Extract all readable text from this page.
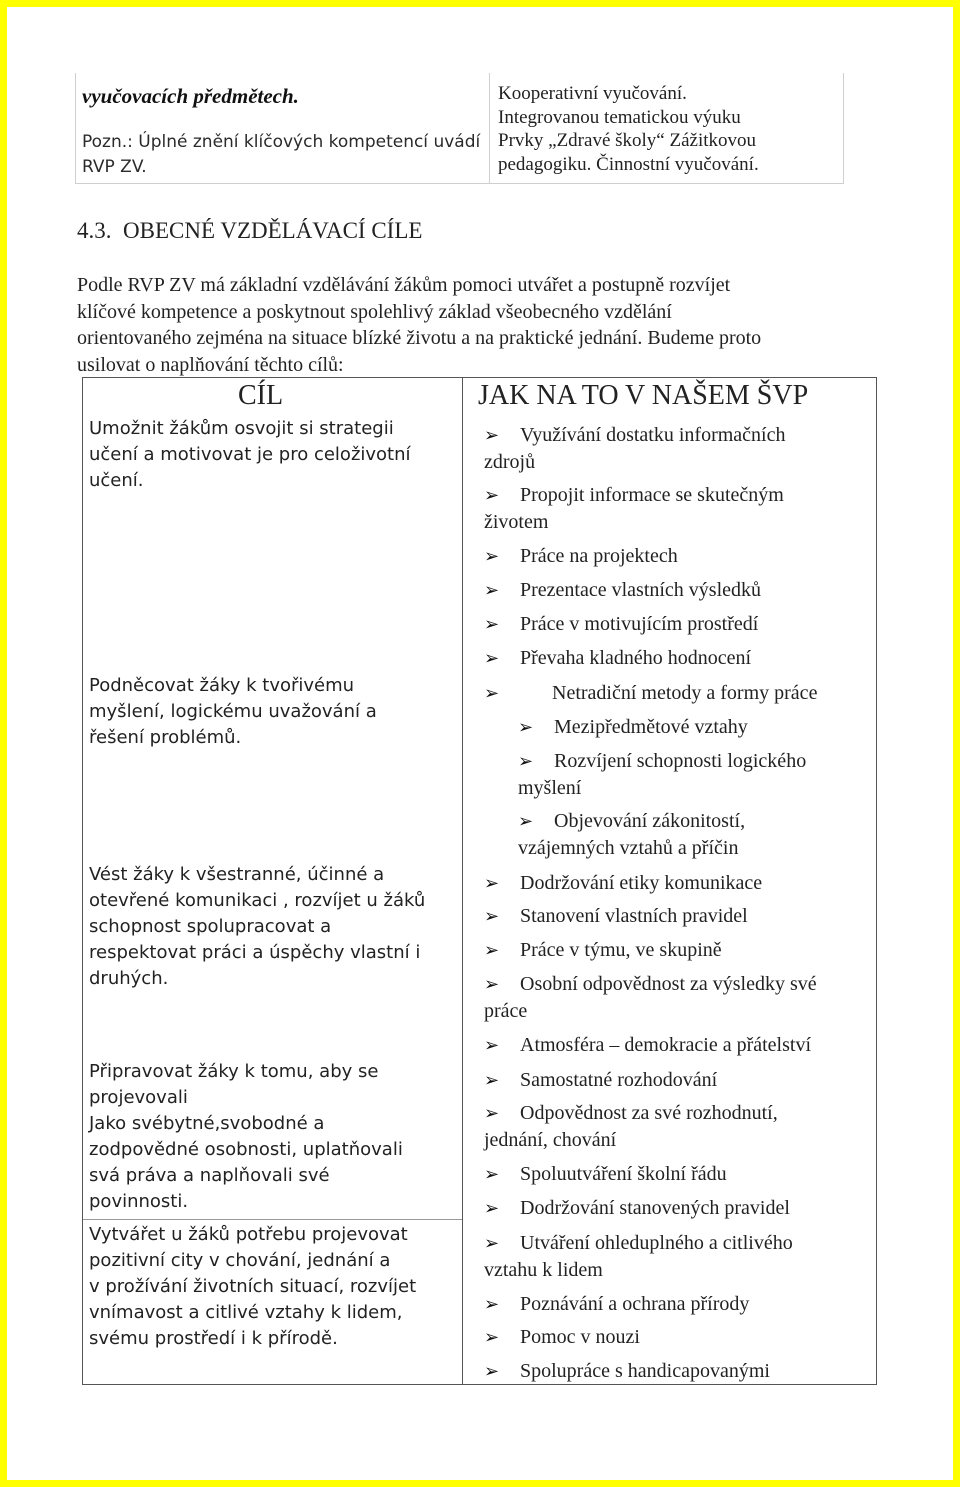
vyučovacích předmětech.
Pozn.: Úplné znění klíčových kompetencí uvádí
RVP ZV.
Kooperativní vyučování.
Integrovanou tematickou výuku
Prvky „Zdravé školy“ Zážitkovou
pedagogiku. Činnostní vyučování.
4.3.  OBECNÉ VZDĚLÁVACÍ CÍLE
Podle RVP ZV má základní vzdělávání žákům pomoci utvářet a postupně rozvíjet
klíčové kompetence a poskytnout spolehlivý základ všeobecného vzdělání
orientovaného zejména na situace blízké životu a na praktické jednání. Budeme proto
usilovat o naplňování těchto cílů:
CÍL	JAK NA TO V NAŠEM ŠVP
Umožnit žákům osvojit si strategii
učení a motivovat je pro celoživotní
učení.
Podněcovat žáky k tvořivému
myšlení, logickému uvažování a
řešení problémů.
Vést žáky k všestranné, účinné a
otevřené komunikaci , rozvíjet u žáků
schopnost spolupracovat a
respektovat práci a úspěchy vlastní i
druhých.
Připravovat žáky k tomu, aby se
projevovali
Jako svébytné,svobodné a
zodpovědné osobnosti, uplatňovali
svá práva a naplňovali své
povinnosti.
Vytvářet u žáků potřebu projevovat
pozitivní city v chování, jednání a
v prožívání životních situací, rozvíjet
vnímavost a citlivé vztahy k lidem,
svému prostředí i k přírodě.
➢ Využívání dostatku informačních
zdrojů
➢ Propojit informace se skutečným
životem
➢ Práce na projektech
➢ Prezentace vlastních výsledků
➢ Práce v motivujícím prostředí
➢ Převaha kladného hodnocení
➢	Netradiční metody a formy práce
➢ Mezipředmětové vztahy
➢ Rozvíjení schopnosti logického
myšlení
➢ Objevování zákonitostí,
vzájemných vztahů a příčin
➢ Dodržování etiky komunikace
➢ Stanovení vlastních pravidel
➢ Práce v týmu, ve skupině
➢ Osobní odpovědnost za výsledky své
práce
➢ Atmosféra – demokracie a přátelství
➢ Samostatné rozhodování
➢ Odpovědnost za své rozhodnutí,
jednání, chování
➢ Spoluutváření školní řádu
➢ Dodržování stanovených pravidel
➢ Utváření ohleduplného a citlivého
vztahu k lidem
➢ Poznávání a ochrana přírody
➢ Pomoc v nouzi
➢ Spolupráce s handicapovanými
